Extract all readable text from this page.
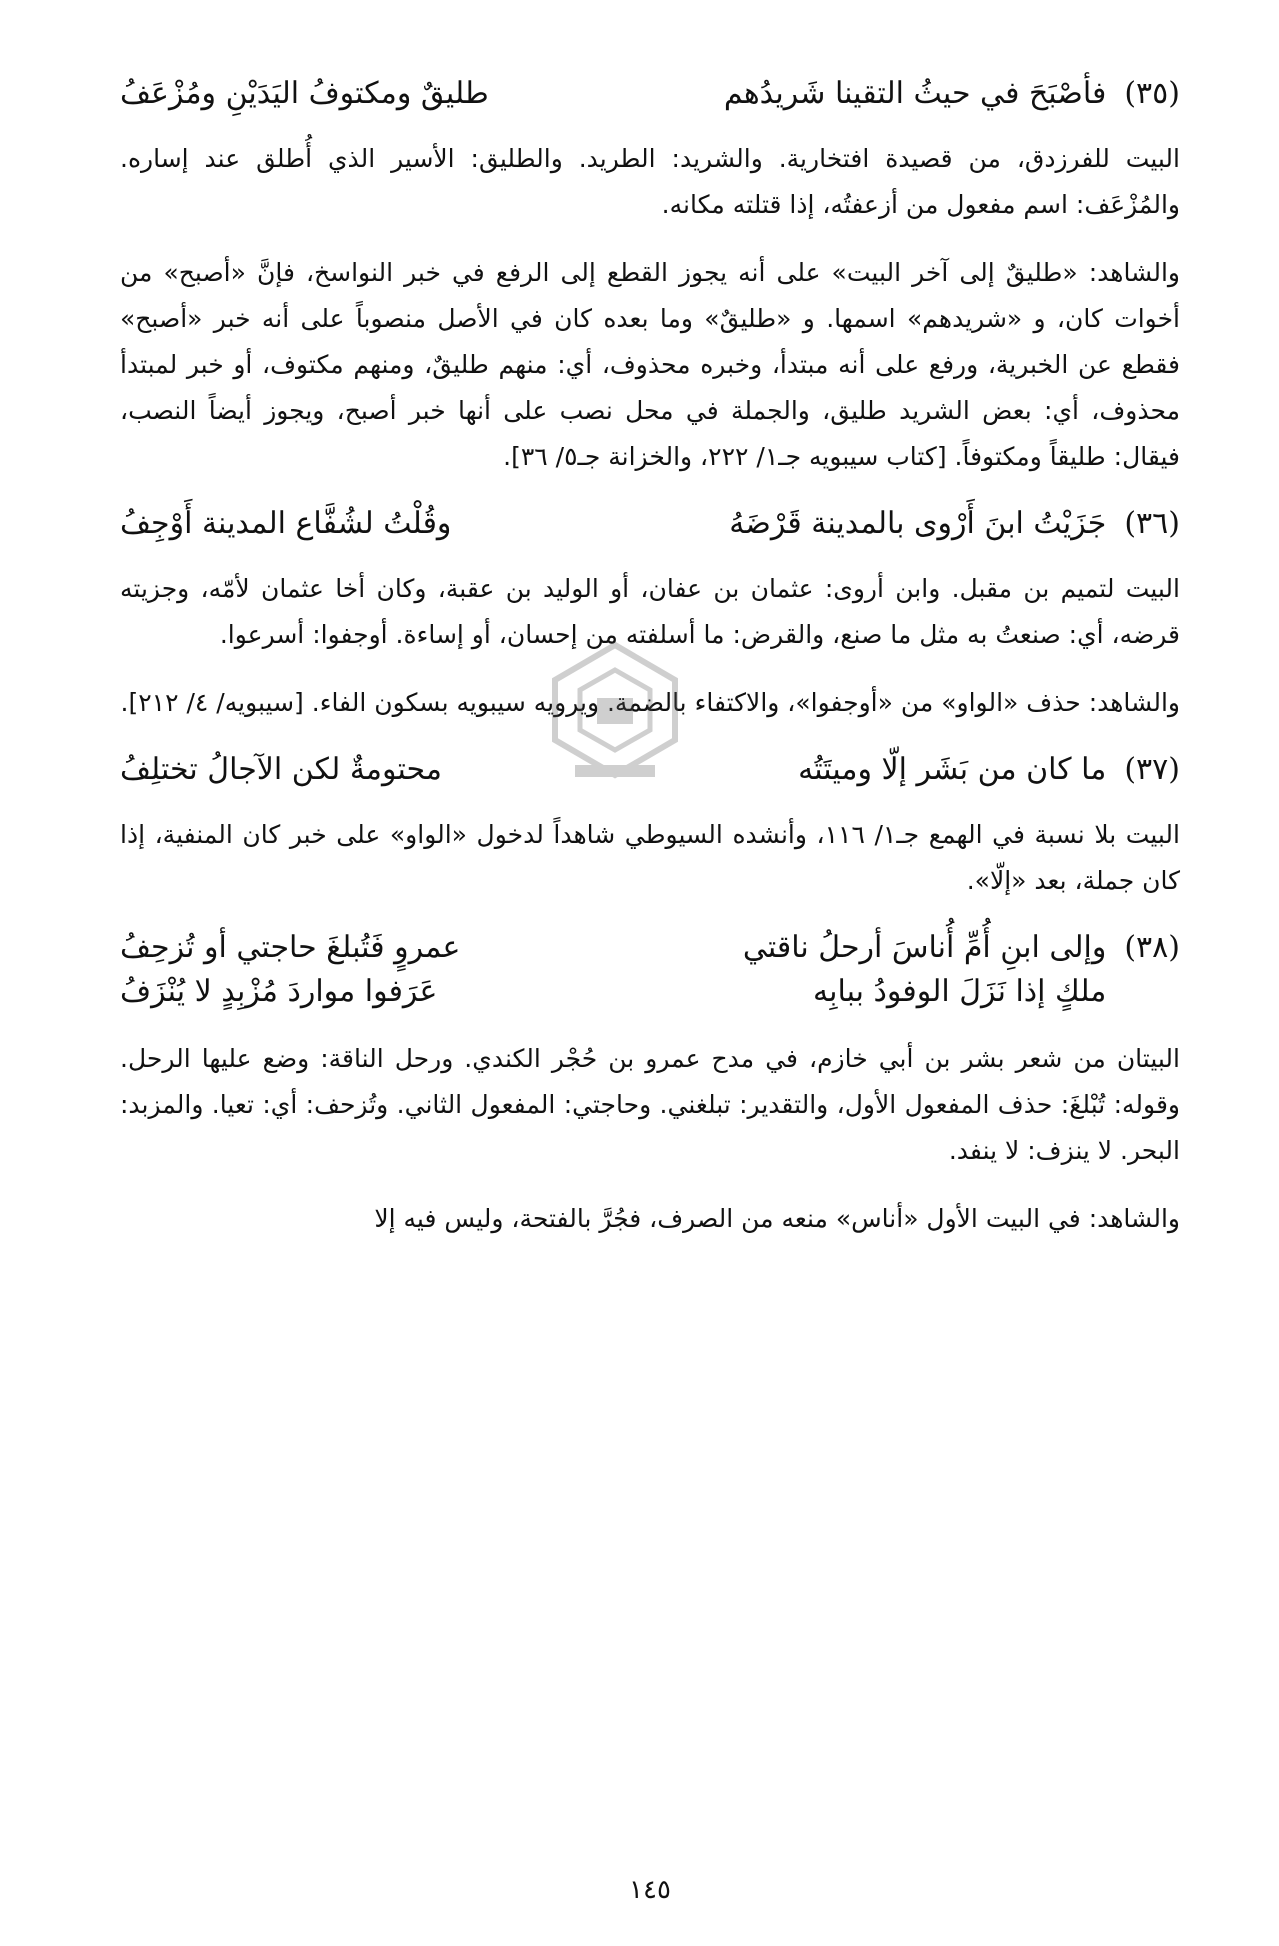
(٣٥)
فأصْبَحَ في حيثُ التقينا شَريدُهم
طليقٌ ومكتوفُ اليَدَيْنِ ومُزْعَفُ

البيت للفرزدق، من قصيدة افتخارية. والشريد: الطريد. والطليق: الأسير الذي أُطلق عند إساره. والمُزْعَف: اسم مفعول من أزعفتُه، إذا قتلته مكانه.

والشاهد: «طليقٌ إلى آخر البيت» على أنه يجوز القطع إلى الرفع في خبر النواسخ، فإنَّ «أصبح» من أخوات كان، و «شريدهم» اسمها. و «طليقٌ» وما بعده كان في الأصل منصوباً على أنه خبر «أصبح» فقطع عن الخبرية، ورفع على أنه مبتدأ، وخبره محذوف، أي: منهم طليقٌ، ومنهم مكتوف، أو خبر لمبتدأ محذوف، أي: بعض الشريد طليق، والجملة في محل نصب على أنها خبر أصبح، ويجوز أيضاً النصب، فيقال: طليقاً ومكتوفاً. [كتاب سيبويه جـ١/ ٢٢٢، والخزانة جـ٥/ ٣٦].

(٣٦)
جَزَيْتُ ابنَ أَرْوى بالمدينة قَرْضَهُ
وقُلْتُ لشُفَّاع المدينة أَوْجِفُ

البيت لتميم بن مقبل. وابن أروى: عثمان بن عفان، أو الوليد بن عقبة، وكان أخا عثمان لأمّه، وجزيته قرضه، أي: صنعتُ به مثل ما صنع، والقرض: ما أسلفته من إحسان، أو إساءة. أوجفوا: أسرعوا.

والشاهد: حذف «الواو» من «أوجفوا»، والاكتفاء بالضمة. ويرويه سيبويه بسكون الفاء. [سيبويه/ ٤/ ٢١٢].

(٣٧)
ما كان من بَشَر إلّا وميتَتُه
محتومةٌ لكن الآجالُ تختلِفُ

البيت بلا نسبة في الهمع جـ١/ ١١٦، وأنشده السيوطي شاهداً لدخول «الواو» على خبر كان المنفية، إذا كان جملة، بعد «إلّا».

(٣٨)
وإلى ابنِ أُمِّ أُناسَ أرحلُ ناقتي
عمروٍ فَتُبلغَ حاجتي أو تُزحِفُ
ملكٍ إذا نَزَلَ الوفودُ ببابِه
عَرَفوا مواردَ مُزْبِدٍ لا يُنْزَفُ

البيتان من شعر بشر بن أبي خازم، في مدح عمرو بن حُجْر الكندي. ورحل الناقة: وضع عليها الرحل. وقوله: تُبْلغَ: حذف المفعول الأول، والتقدير: تبلغني. وحاجتي: المفعول الثاني. وتُزحف: أي: تعيا. والمزبد: البحر. لا ينزف: لا ينفد.

والشاهد: في البيت الأول «أناس» منعه من الصرف، فجُرَّ بالفتحة، وليس فيه إلا

١٤٥
